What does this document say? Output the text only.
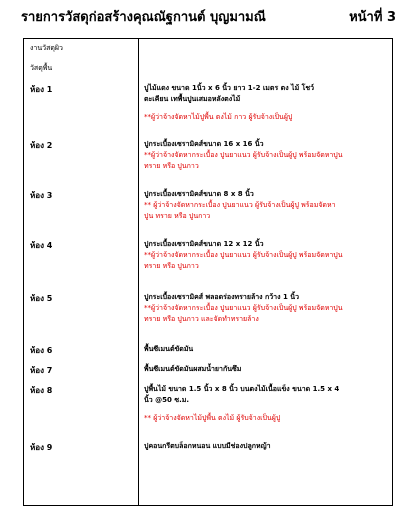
รายการวัสดุก่อสร้างคุณณัฐกานต์ บุญมามณี	หน้าที่ 3
งานวัสดุผิว
วัสดุพื้น
ห้อง 1	ปูไม้แดง ขนาด 1นิ้ว x 6 นิ้ว ยาว 1-2 เมตร ตง ไม้ โชว์
ตะเคียน เทพื้นปูนเสมอหลังตงไม้
**ผู้ว่าจ้างจัดหาไม้ปูพื้น ตงไม้ กาว ผู้รับจ้างเป็นผู้ปู
ห้อง 2	ปูกระเบื้องเซรามิคส์ขนาด 16 x 16 นิ้ว
**ผู้ว่าจ้างจัดหากระเบื้อง ปูนยาแนว ผู้รับจ้างเป็นผู้ปู พร้อมจัดหาปูน
ทราย หรือ ปูนกาว
ห้อง 3	ปูกระเบื้องเซรามิคส์ขนาด 8 x 8 นิ้ว
** ผู้ว่าจ้างจัดหากระเบื้อง ปูนยาแนว ผู้รับจ้างเป็นผู้ปู พร้อมจัดหา
ปูน ทราย หรือ ปูนกาว
ห้อง 4	ปูกระเบื้องเซรามิคส์ขนาด 12 x 12 นิ้ว
**ผู้ว่าจ้างจัดหากระเบื้อง ปูนยาแนว ผู้รับจ้างเป็นผู้ปู พร้อมจัดหาปูน
ทราย หรือ ปูนกาว
ห้อง 5	ปูกระเบื้องเซรามิคส์ พลอดร่องทรายล้าง กว้าง 1 นิ้ว
**ผู้ว่าจ้างจัดหากระเบื้อง ปูนยาแนว ผู้รับจ้างเป็นผู้ปู พร้อมจัดหาปูน
ทราย หรือ ปูนกาว และจัดทำทรายล้าง
ห้อง 6	พื้นซีเมนต์ขัดมัน
ห้อง 7	พื้นซีเมนต์ขัดมันผสมน้ำยากันซึม
ห้อง 8	ปูพื้นไม้ ขนาด 1.5 นิ้ว x 8 นิ้ว บนตงไม้เนื้อแข็ง ขนาด 1.5 x 4
นิ้ว @50 ซ.ม.
** ผู้ว่าจ้างจัดหาไม้ปูพื้น ตงไม้ ผู้รับจ้างเป็นผู้ปู
ห้อง 9	ปูคอนกรีตบล็อกหนอน แบบมีช่องปลูกหญ้า
